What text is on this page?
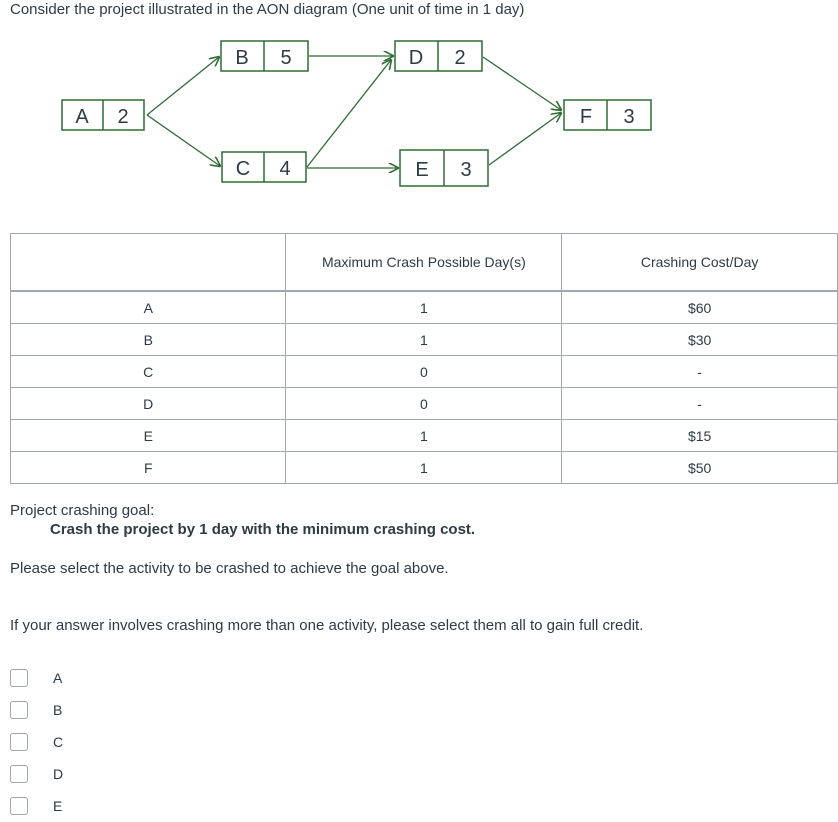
Consider the project illustrated in the AON diagram (One unit of time in 1 day)
A 2
B 5
C 4
D 2
E 3
F 3
	Maximum Crash Possible Day(s)	Crashing Cost/Day
A	1	$60
B	1	$30
C	0	-
D	0	-
E	1	$15
F	1	$50
Project crashing goal:
Crash the project by 1 day with the minimum crashing cost.
Please select the activity to be crashed to achieve the goal above.
If your answer involves crashing more than one activity, please select them all to gain full credit.
A
B
C
D
E
